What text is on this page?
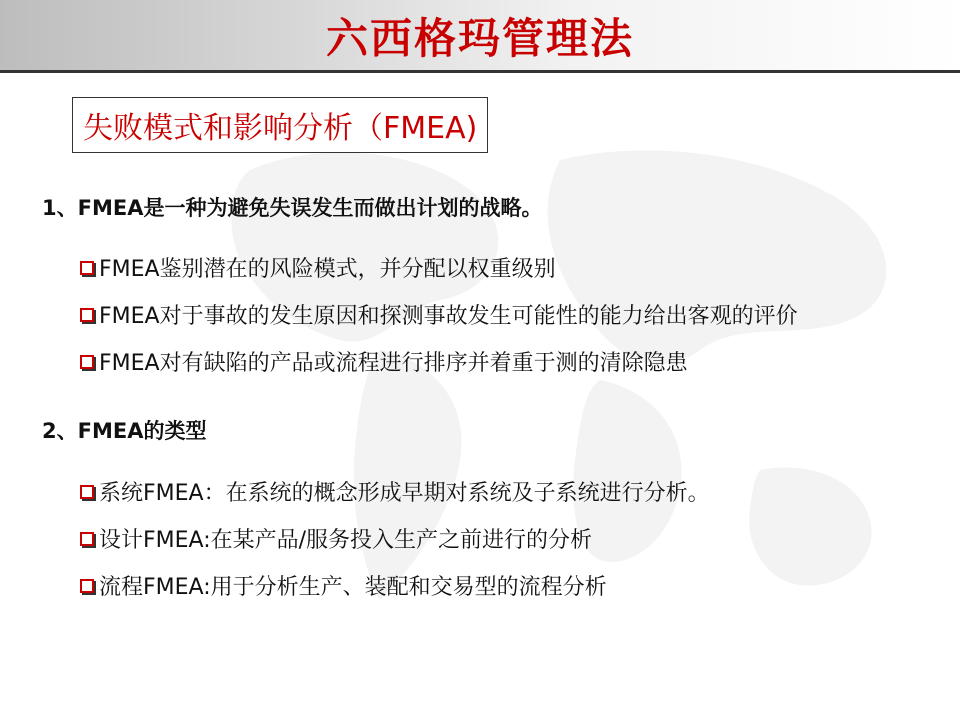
六西格玛管理法
失败模式和影响分析（FMEA)
1、FMEA是一种为避免失误发生而做出计划的战略。
FMEA鉴别潜在的风险模式，并分配以权重级别
FMEA对于事故的发生原因和探测事故发生可能性的能力给出客观的评价
FMEA对有缺陷的产品或流程进行排序并着重于测的清除隐患
2、FMEA的类型
系统FMEA：在系统的概念形成早期对系统及子系统进行分析。
设计FMEA:在某产品/服务投入生产之前进行的分析
流程FMEA:用于分析生产、装配和交易型的流程分析
